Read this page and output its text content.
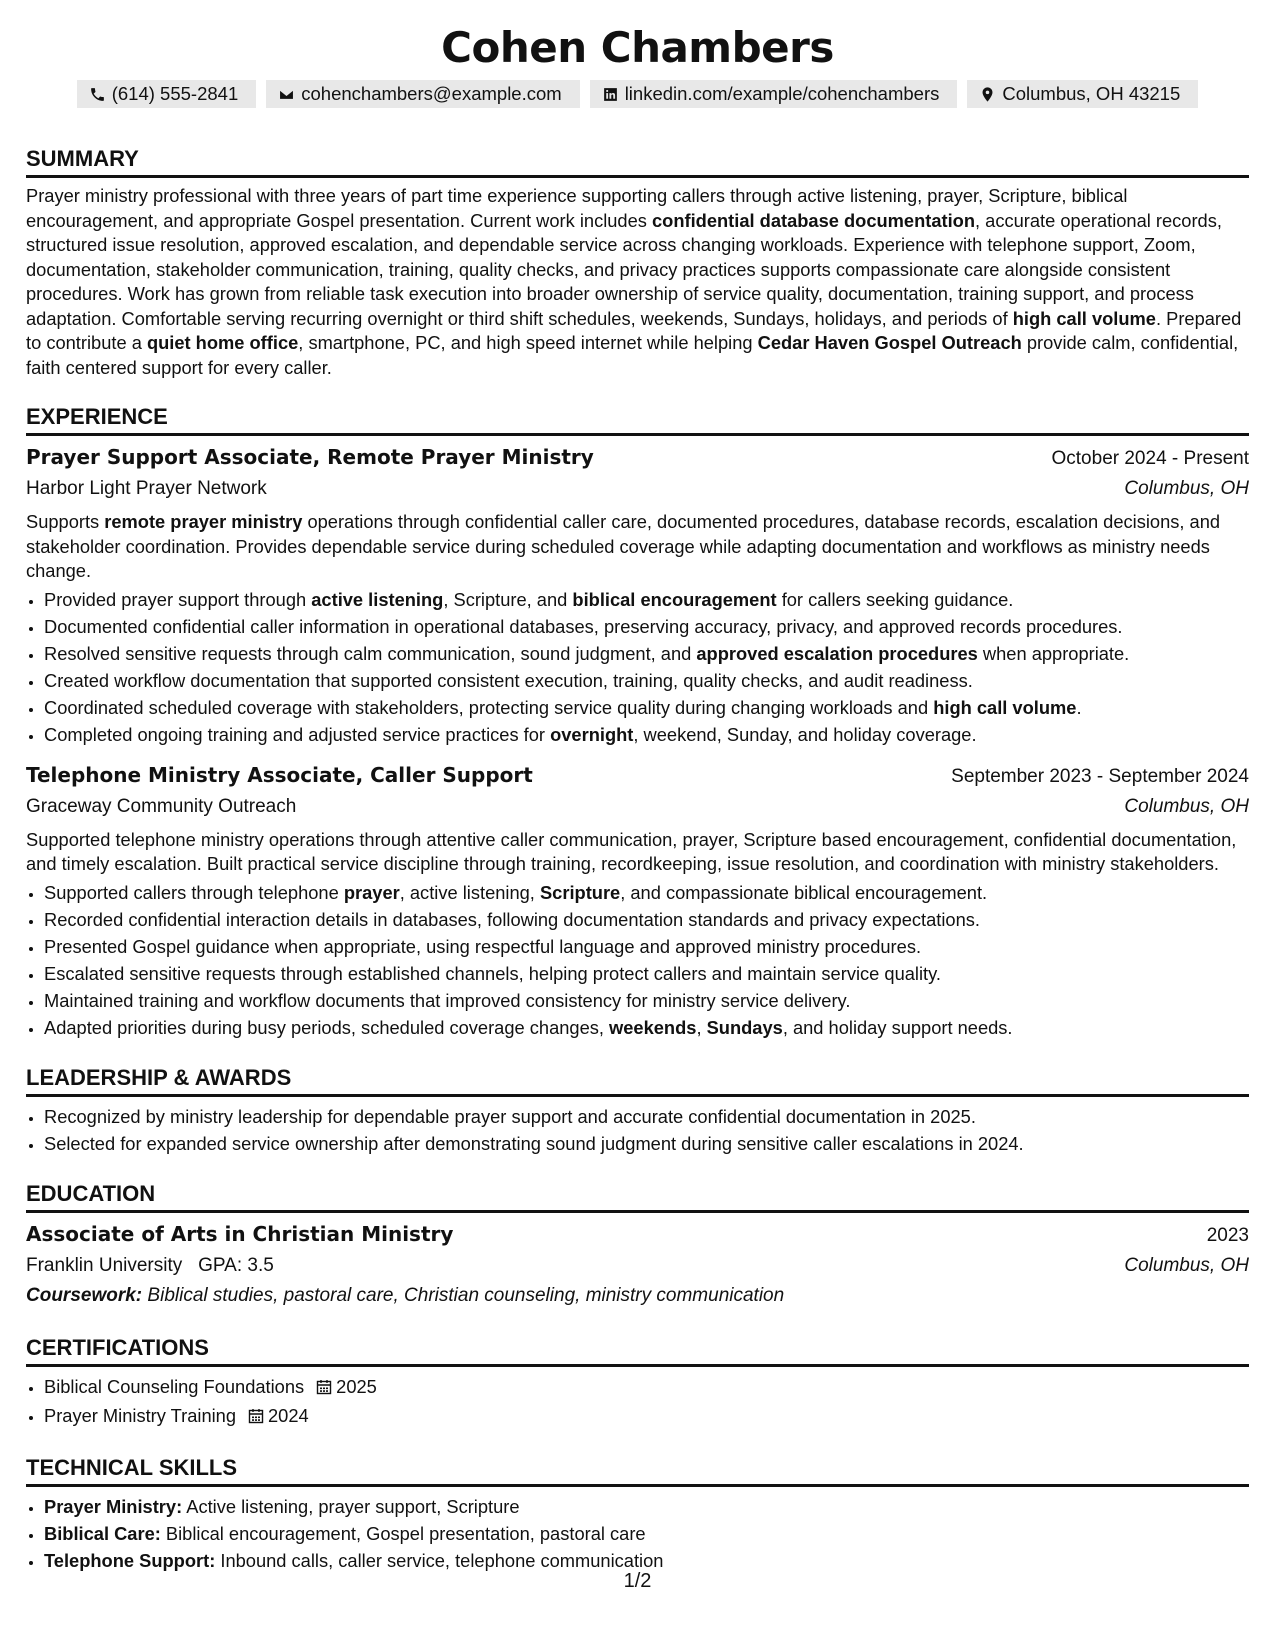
Cohen Chambers
(614) 555-2841	cohenchambers@example.com	linkedin.com/example/cohenchambers	Columbus, OH 43215
SUMMARY

Prayer ministry professional with three years of part time experience supporting callers through active listening, prayer, Scripture, biblical encouragement, and appropriate Gospel presentation. Current work includes confidential database documentation, accurate operational records, structured issue resolution, approved escalation, and dependable service across changing workloads. Experience with telephone support, Zoom, documentation, stakeholder communication, training, quality checks, and privacy practices supports compassionate care alongside consistent procedures. Work has grown from reliable task execution into broader ownership of service quality, documentation, training support, and process adaptation. Comfortable serving recurring overnight or third shift schedules, weekends, Sundays, holidays, and periods of high call volume. Prepared to contribute a quiet home office, smartphone, PC, and high speed internet while helping Cedar Haven Gospel Outreach provide calm, confidential, faith centered support for every caller.

EXPERIENCE
Prayer Support Associate, Remote Prayer Ministry	October 2024 - Present
Harbor Light Prayer Network	Columbus, OH

Supports remote prayer ministry operations through confidential caller care, documented procedures, database records, escalation decisions, and stakeholder coordination. Provides dependable service during scheduled coverage while adapting documentation and workflows as ministry needs change.

• Provided prayer support through active listening, Scripture, and biblical encouragement for callers seeking guidance.
• Documented confidential caller information in operational databases, preserving accuracy, privacy, and approved records procedures.
• Resolved sensitive requests through calm communication, sound judgment, and approved escalation procedures when appropriate.
• Created workflow documentation that supported consistent execution, training, quality checks, and audit readiness.
• Coordinated scheduled coverage with stakeholders, protecting service quality during changing workloads and high call volume.
• Completed ongoing training and adjusted service practices for overnight, weekend, Sunday, and holiday coverage.
Telephone Ministry Associate, Caller Support	September 2023 - September 2024
Graceway Community Outreach	Columbus, OH

Supported telephone ministry operations through attentive caller communication, prayer, Scripture based encouragement, confidential documentation, and timely escalation. Built practical service discipline through training, recordkeeping, issue resolution, and coordination with ministry stakeholders.

• Supported callers through telephone prayer, active listening, Scripture, and compassionate biblical encouragement.
• Recorded confidential interaction details in databases, following documentation standards and privacy expectations.
• Presented Gospel guidance when appropriate, using respectful language and approved ministry procedures.
• Escalated sensitive requests through established channels, helping protect callers and maintain service quality.
• Maintained training and workflow documents that improved consistency for ministry service delivery.
• Adapted priorities during busy periods, scheduled coverage changes, weekends, Sundays, and holiday support needs.
LEADERSHIP & AWARDS
• Recognized by ministry leadership for dependable prayer support and accurate confidential documentation in 2025.
• Selected for expanded service ownership after demonstrating sound judgment during sensitive caller escalations in 2024.
EDUCATION
Associate of Arts in Christian Ministry	2023
Franklin University GPA: 3.5	Columbus, OH
Coursework: Biblical studies, pastoral care, Christian counseling, ministry communication
CERTIFICATIONS
• Biblical Counseling Foundations 2025
• Prayer Ministry Training 2024
TECHNICAL SKILLS
• Prayer Ministry: Active listening, prayer support, Scripture
• Biblical Care: Biblical encouragement, Gospel presentation, pastoral care
• Telephone Support: Inbound calls, caller service, telephone communication
1/2
